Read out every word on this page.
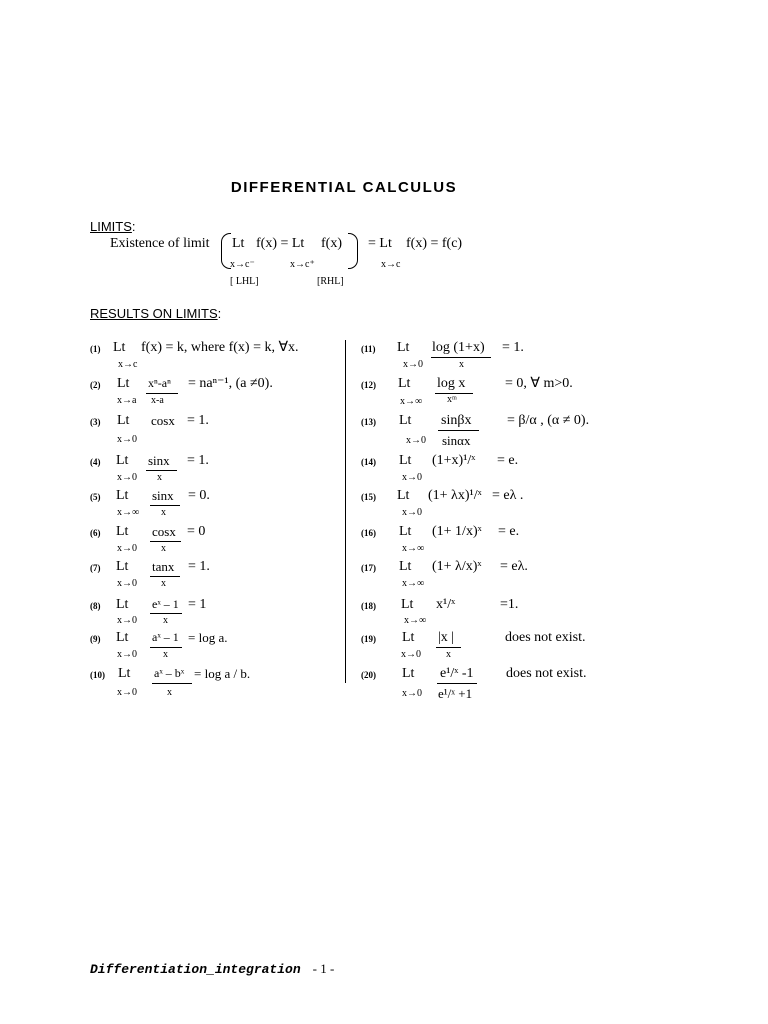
DIFFERENTIAL CALCULUS
LIMITS:
Existence of limit Lt f(x) = Lt f(x) = Lt f(x) = f(c)
x→c⁻	x→c⁺	x→c
[ LHL]	[RHL]
RESULTS ON LIMITS:
(1) Lt f(x) = k, where f(x) = k, ∀x.
x→c
(2) Lt xⁿ-aⁿ
x-a
= naⁿ⁻¹, (a ≠0).
x→a
(3) Lt cosx = 1.
x→0
(4) Lt sinx
x
= 1.
x→0
(5) Lt sinx
x
= 0.
x→∞
(6) Lt cosx
x
= 0
x→0
(7) Lt tanx
x
= 1.
x→0
(8) Lt eˣ – 1
x
= 1
x→0
(9) Lt aˣ – 1
x
= log a.
x→0
(10) Lt aˣ – bˣ
x
= log a / b.
x→0
(11) Lt log (1+x)
x
= 1.
x→0
(12) Lt log x
xᵐ
= 0, ∀ m>0.
x→∞
(13) Lt sinβx
sinαx
= β/α , (α ≠ 0).
x→0
(14) Lt (1+x)¹/ˣ = e.
x→0
(15) Lt (1+ λx)¹/ˣ = eλ .
x→0
(16) Lt (1+ 1/x)ˣ = e.
x→∞
(17) Lt (1+ λ/x)ˣ = eλ.
x→∞
(18) Lt x¹/ˣ	=1.
x→∞
(19) Lt |x |
x
does not exist.
x→0
(20) Lt e¹/ˣ -1
e¹/ˣ +1
does not exist.
x→0
Differentiation_integration - 1 -
